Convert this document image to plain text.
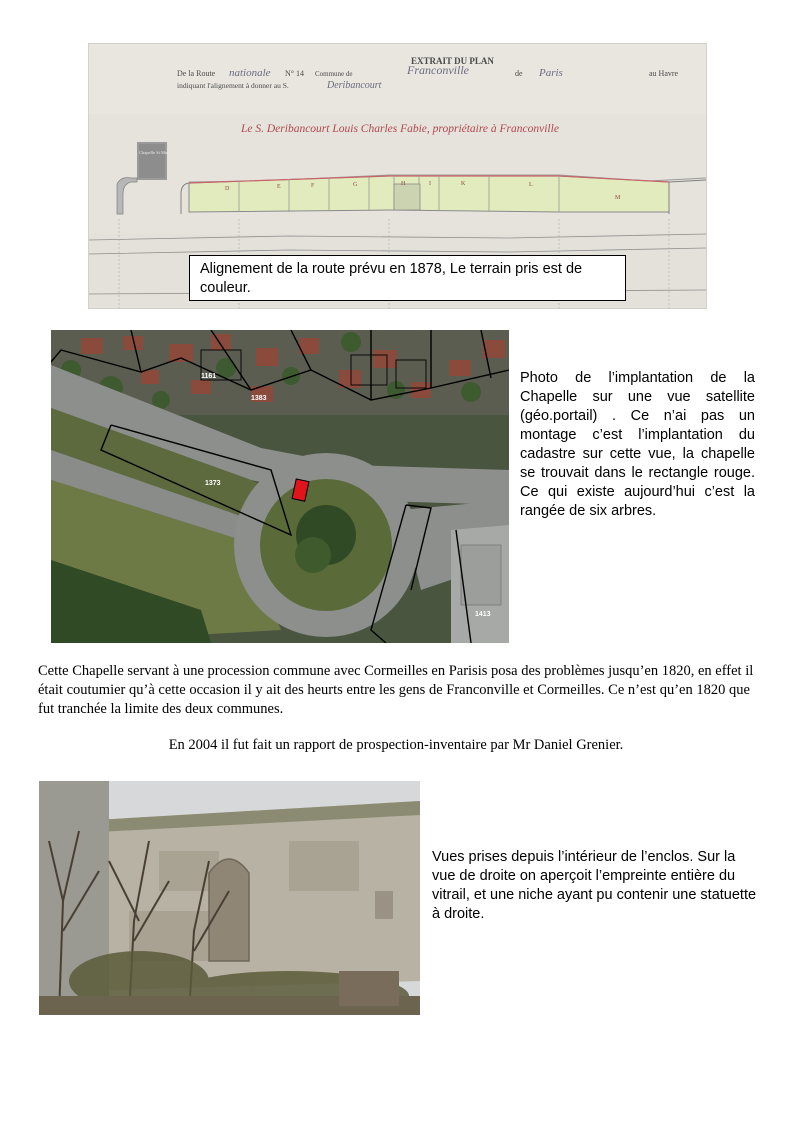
EXTRAIT DU PLAN
De la Route nationale N° 14 Commune de	Franconville	de Paris	au Havre
indiquant l'alignement à donner au S.	Deribancourt
Le S. Deribancourt Louis Charles Fabie, propriétaire à Franconville
D	E	F	G	H	I	K	L
M
Chapelle St Marc
Alignement de la route prévu en 1878, Le terrain pris est de couleur.
1161
1383
1373
1413
Photo de l’implantation de la Chapelle sur une vue satellite (géo.portail) . Ce n’ai pas un montage c’est l’implantation du cadastre sur cette vue, la chapelle se trouvait dans le rectangle rouge. Ce qui existe aujourd’hui c’est la rangée de six arbres.

Cette Chapelle servant à une procession commune avec Cormeilles en Parisis posa des problèmes jusqu’en 1820, en effet il était coutumier qu’à cette occasion il y ait des heurts entre les gens de Franconville et Cormeilles. Ce n’est qu’en 1820 que fut tranchée la limite des deux communes.

En 2004 il fut fait un rapport de prospection-inventaire par Mr Daniel Grenier.

Vues prises depuis l’intérieur de l’enclos. Sur la vue de droite on aperçoit l’empreinte entière du vitrail, et une niche ayant pu contenir une statuette à droite.
